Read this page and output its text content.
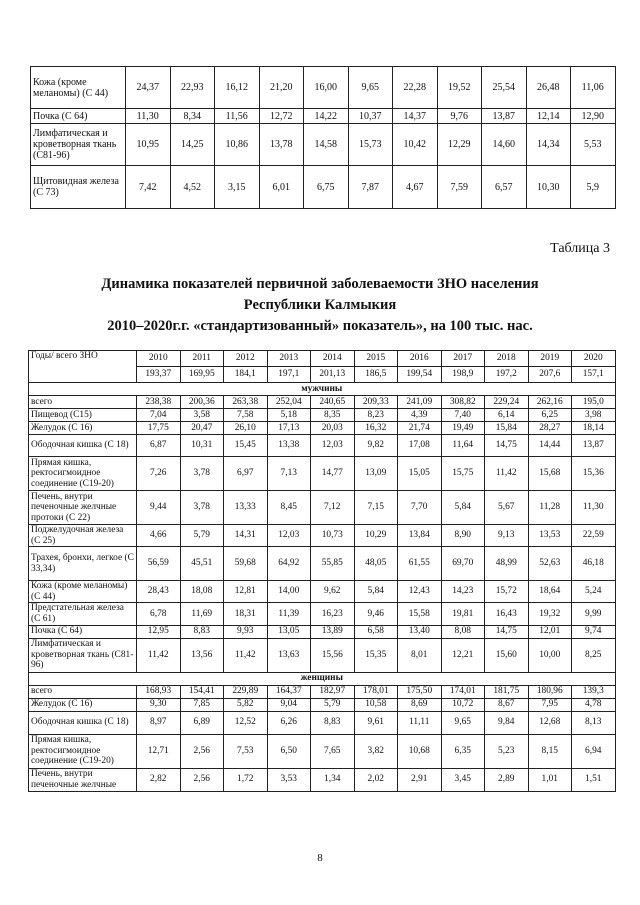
Кожа (кроме меланомы) (С 44)	24,37	22,93	16,12	21,20	16,00	9,65	22,28	19,52	25,54	26,48	11,06
Почка (С 64)	11,30	8,34	11,56	12,72	14,22	10,37	14,37	9,76	13,87	12,14	12,90
Лимфатическая и кроветворная ткань (С81-96)	10,95	14,25	10,86	13,78	14,58	15,73	10,42	12,29	14,60	14,34	5,53
Щитовидная железа (С 73)	7,42	4,52	3,15	6,01	6,75	7,87	4,67	7,59	6,57	10,30	5,9
Таблица 3
Динамика показателей первичной заболеваемости ЗНО населения
Республики Калмыкия
2010–2020г.г. «стандартизованный» показатель», на 100 тыс. нас.
Годы/ всего ЗНО	2010	2011	2012	2013	2014	2015	2016	2017	2018	2019	2020
	193,37	169,95	184,1	197,1	201,13	186,5	199,54	198,9	197,2	207,6	157,1
мужчины											
всего	238,38	200,36	263,38	252,04	240,65	209,33	241,09	308,82	229,24	262,16	195,0
Пищевод (С15)	7,04	3,58	7,58	5,18	8,35	8,23	4,39	7,40	6,14	6,25	3,98
Желудок (С 16)	17,75	20,47	26,10	17,13	20,03	16,32	21,74	19,49	15,84	28,27	18,14
Ободочная кишка (С 18)	6,87	10,31	15,45	13,38	12,03	9,82	17,08	11,64	14,75	14,44	13,87
Прямая кишка, ректосигмоидное соединение (С19-20)	7,26	3,78	6,97	7,13	14,77	13,09	15,05	15,75	11,42	15,68	15,36
Печень, внутри печеночные желчные протоки (С 22)	9,44	3,78	13,33	8,45	7,12	7,15	7,70	5,84	5,67	11,28	11,30
Поджелудочная железа (С 25)	4,66	5,79	14,31	12,03	10,73	10,29	13,84	8,90	9,13	13,53	22,59
Трахея, бронхи, легкое (С 33,34)	56,59	45,51	59,68	64,92	55,85	48,05	61,55	69,70	48,99	52,63	46,18
Кожа (кроме меланомы) (С 44)	28,43	18,08	12,81	14,00	9,62	5,84	12,43	14,23	15,72	18,64	5,24
Предстательная железа (С 61)	6,78	11,69	18,31	11,39	16,23	9,46	15,58	19,81	16,43	19,32	9,99
Почка (С 64)	12,95	8,83	9,93	13,05	13,89	6,58	13,40	8,08	14,75	12,01	9,74
Лимфатическая и кроветворная ткань (С81-96)	11,42	13,56	11,42	13,63	15,56	15,35	8,01	12,21	15,60	10,00	8,25
женщины											
всего	168,93	154,41	229,89	164,37	182,97	178,01	175,50	174,01	181,75	180,96	139,3
Желудок (С 16)	9,30	7,85	5,82	9,04	5,79	10,58	8,69	10,72	8,67	7,95	4,78
Ободочная кишка (С 18)	8,97	6,89	12,52	6,26	8,83	9,61	11,11	9,65	9,84	12,68	8,13
Прямая кишка, ректосигмоидное соединение (С19-20)	12,71	2,56	7,53	6,50	7,65	3,82	10,68	6,35	5,23	8,15	6,94
Печень, внутри печеночные желчные	2,82	2,56	1,72	3,53	1,34	2,02	2,91	3,45	2,89	1,01	1,51
8
